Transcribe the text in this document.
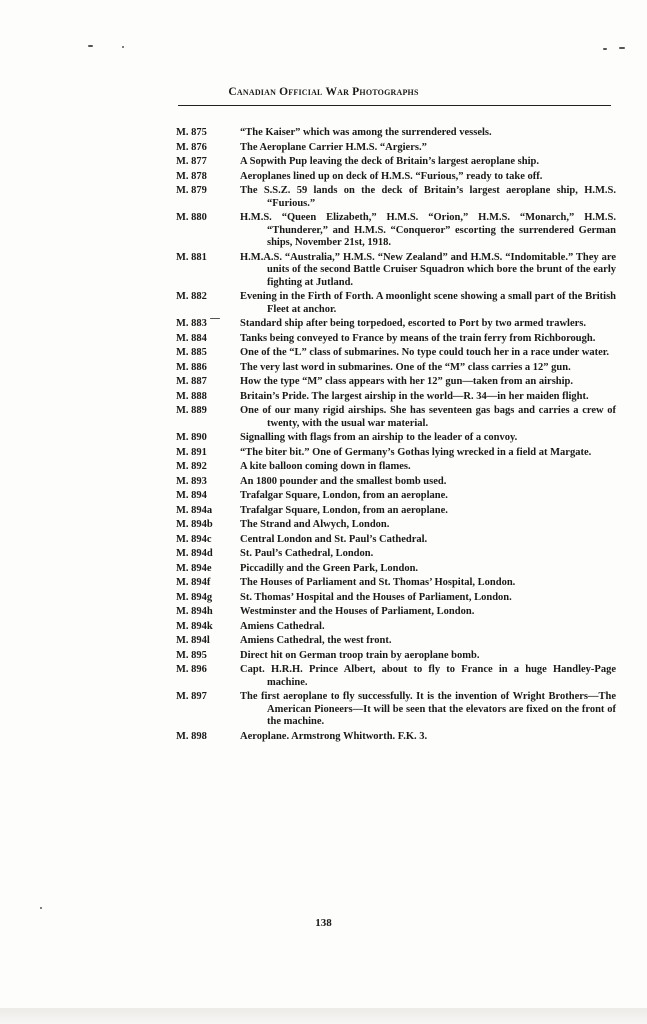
Canadian Official War Photographs
M. 875	“The Kaiser” which was among the surrendered vessels.
M. 876	The Aeroplane Carrier H.M.S. “Argiers.”
M. 877	A Sopwith Pup leaving the deck of Britain’s largest aeroplane ship.
M. 878	Aeroplanes lined up on deck of H.M.S. “Furious,” ready to take off.
M. 879	The S.S.Z. 59 lands on the deck of Britain’s largest aeroplane ship, H.M.S. “Furious.”
M. 880	H.M.S. “Queen Elizabeth,” H.M.S. “Orion,” H.M.S. “Monarch,” H.M.S. “Thunderer,” and H.M.S. “Conqueror” escorting the surrendered German ships, November 21st, 1918.
M. 881	H.M.A.S. “Australia,” H.M.S. “New Zealand” and H.M.S. “Indomitable.” They are units of the second Battle Cruiser Squadron which bore the brunt of the early fighting at Jutland.
M. 882	Evening in the Firth of Forth. A moonlight scene showing a small part of the British Fleet at anchor.
M. 883	Standard ship after being torpedoed, escorted to Port by two armed trawlers.
M. 884	Tanks being conveyed to France by means of the train ferry from Richborough.
M. 885	One of the “L” class of submarines. No type could touch her in a race under water.
M. 886	The very last word in submarines. One of the “M” class carries a 12” gun.
M. 887	How the type “M” class appears with her 12” gun—taken from an airship.
M. 888	Britain’s Pride. The largest airship in the world—R. 34—in her maiden flight.
M. 889	One of our many rigid airships. She has seventeen gas bags and carries a crew of twenty, with the usual war material.
M. 890	Signalling with flags from an airship to the leader of a convoy.
M. 891	“The biter bit.” One of Germany’s Gothas lying wrecked in a field at Margate.
M. 892	A kite balloon coming down in flames.
M. 893	An 1800 pounder and the smallest bomb used.
M. 894	Trafalgar Square, London, from an aeroplane.
M. 894a	Trafalgar Square, London, from an aeroplane.
M. 894b	The Strand and Alwych, London.
M. 894c	Central London and St. Paul’s Cathedral.
M. 894d	St. Paul’s Cathedral, London.
M. 894e	Piccadilly and the Green Park, London.
M. 894f	The Houses of Parliament and St. Thomas’ Hospital, London.
M. 894g	St. Thomas’ Hospital and the Houses of Parliament, London.
M. 894h	Westminster and the Houses of Parliament, London.
M. 894k	Amiens Cathedral.
M. 894l	Amiens Cathedral, the west front.
M. 895	Direct hit on German troop train by aeroplane bomb.
M. 896	Capt. H.R.H. Prince Albert, about to fly to France in a huge Handley-Page machine.
M. 897	The first aeroplane to fly successfully. It is the invention of Wright Brothers—The American Pioneers—It will be seen that the elevators are fixed on the front of the machine.
M. 898	Aeroplane. Armstrong Whitworth. F.K. 3.
138
